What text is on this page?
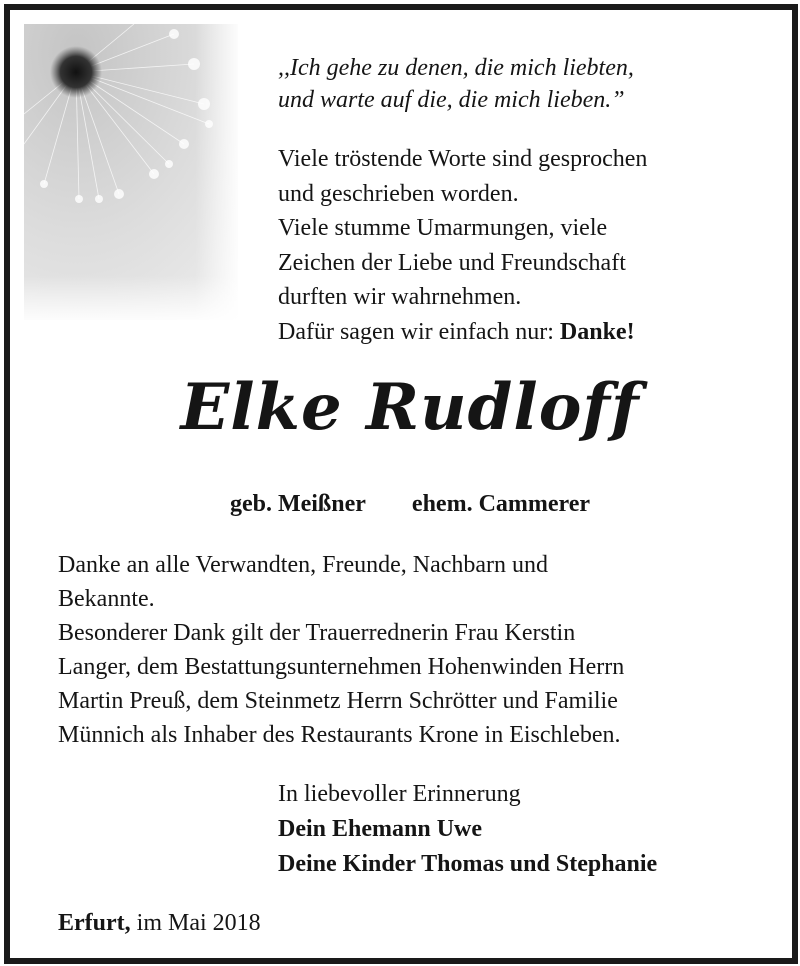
,,Ich gehe zu denen, die mich liebten,
und warte auf die, die mich lieben.”
Viele tröstende Worte sind gesprochen
und geschrieben worden.
Viele stumme Umarmungen, viele
Zeichen der Liebe und Freundschaft
durften wir wahrnehmen.
Dafür sagen wir einfach nur: Danke!
Elke Rudloff
geb. Meißner ehem. Cammerer

Danke an alle Verwandten, Freunde, Nachbarn und
Bekannte.

Besonderer Dank gilt der Trauerrednerin Frau Kerstin
Langer, dem Bestattungsunternehmen Hohenwinden Herrn
Martin Preuß, dem Steinmetz Herrn Schrötter und Familie
Münnich als Inhaber des Restaurants Krone in Eischleben.

In liebevoller Erinnerung
Dein Ehemann Uwe
Deine Kinder Thomas und Stephanie
Erfurt, im Mai 2018
